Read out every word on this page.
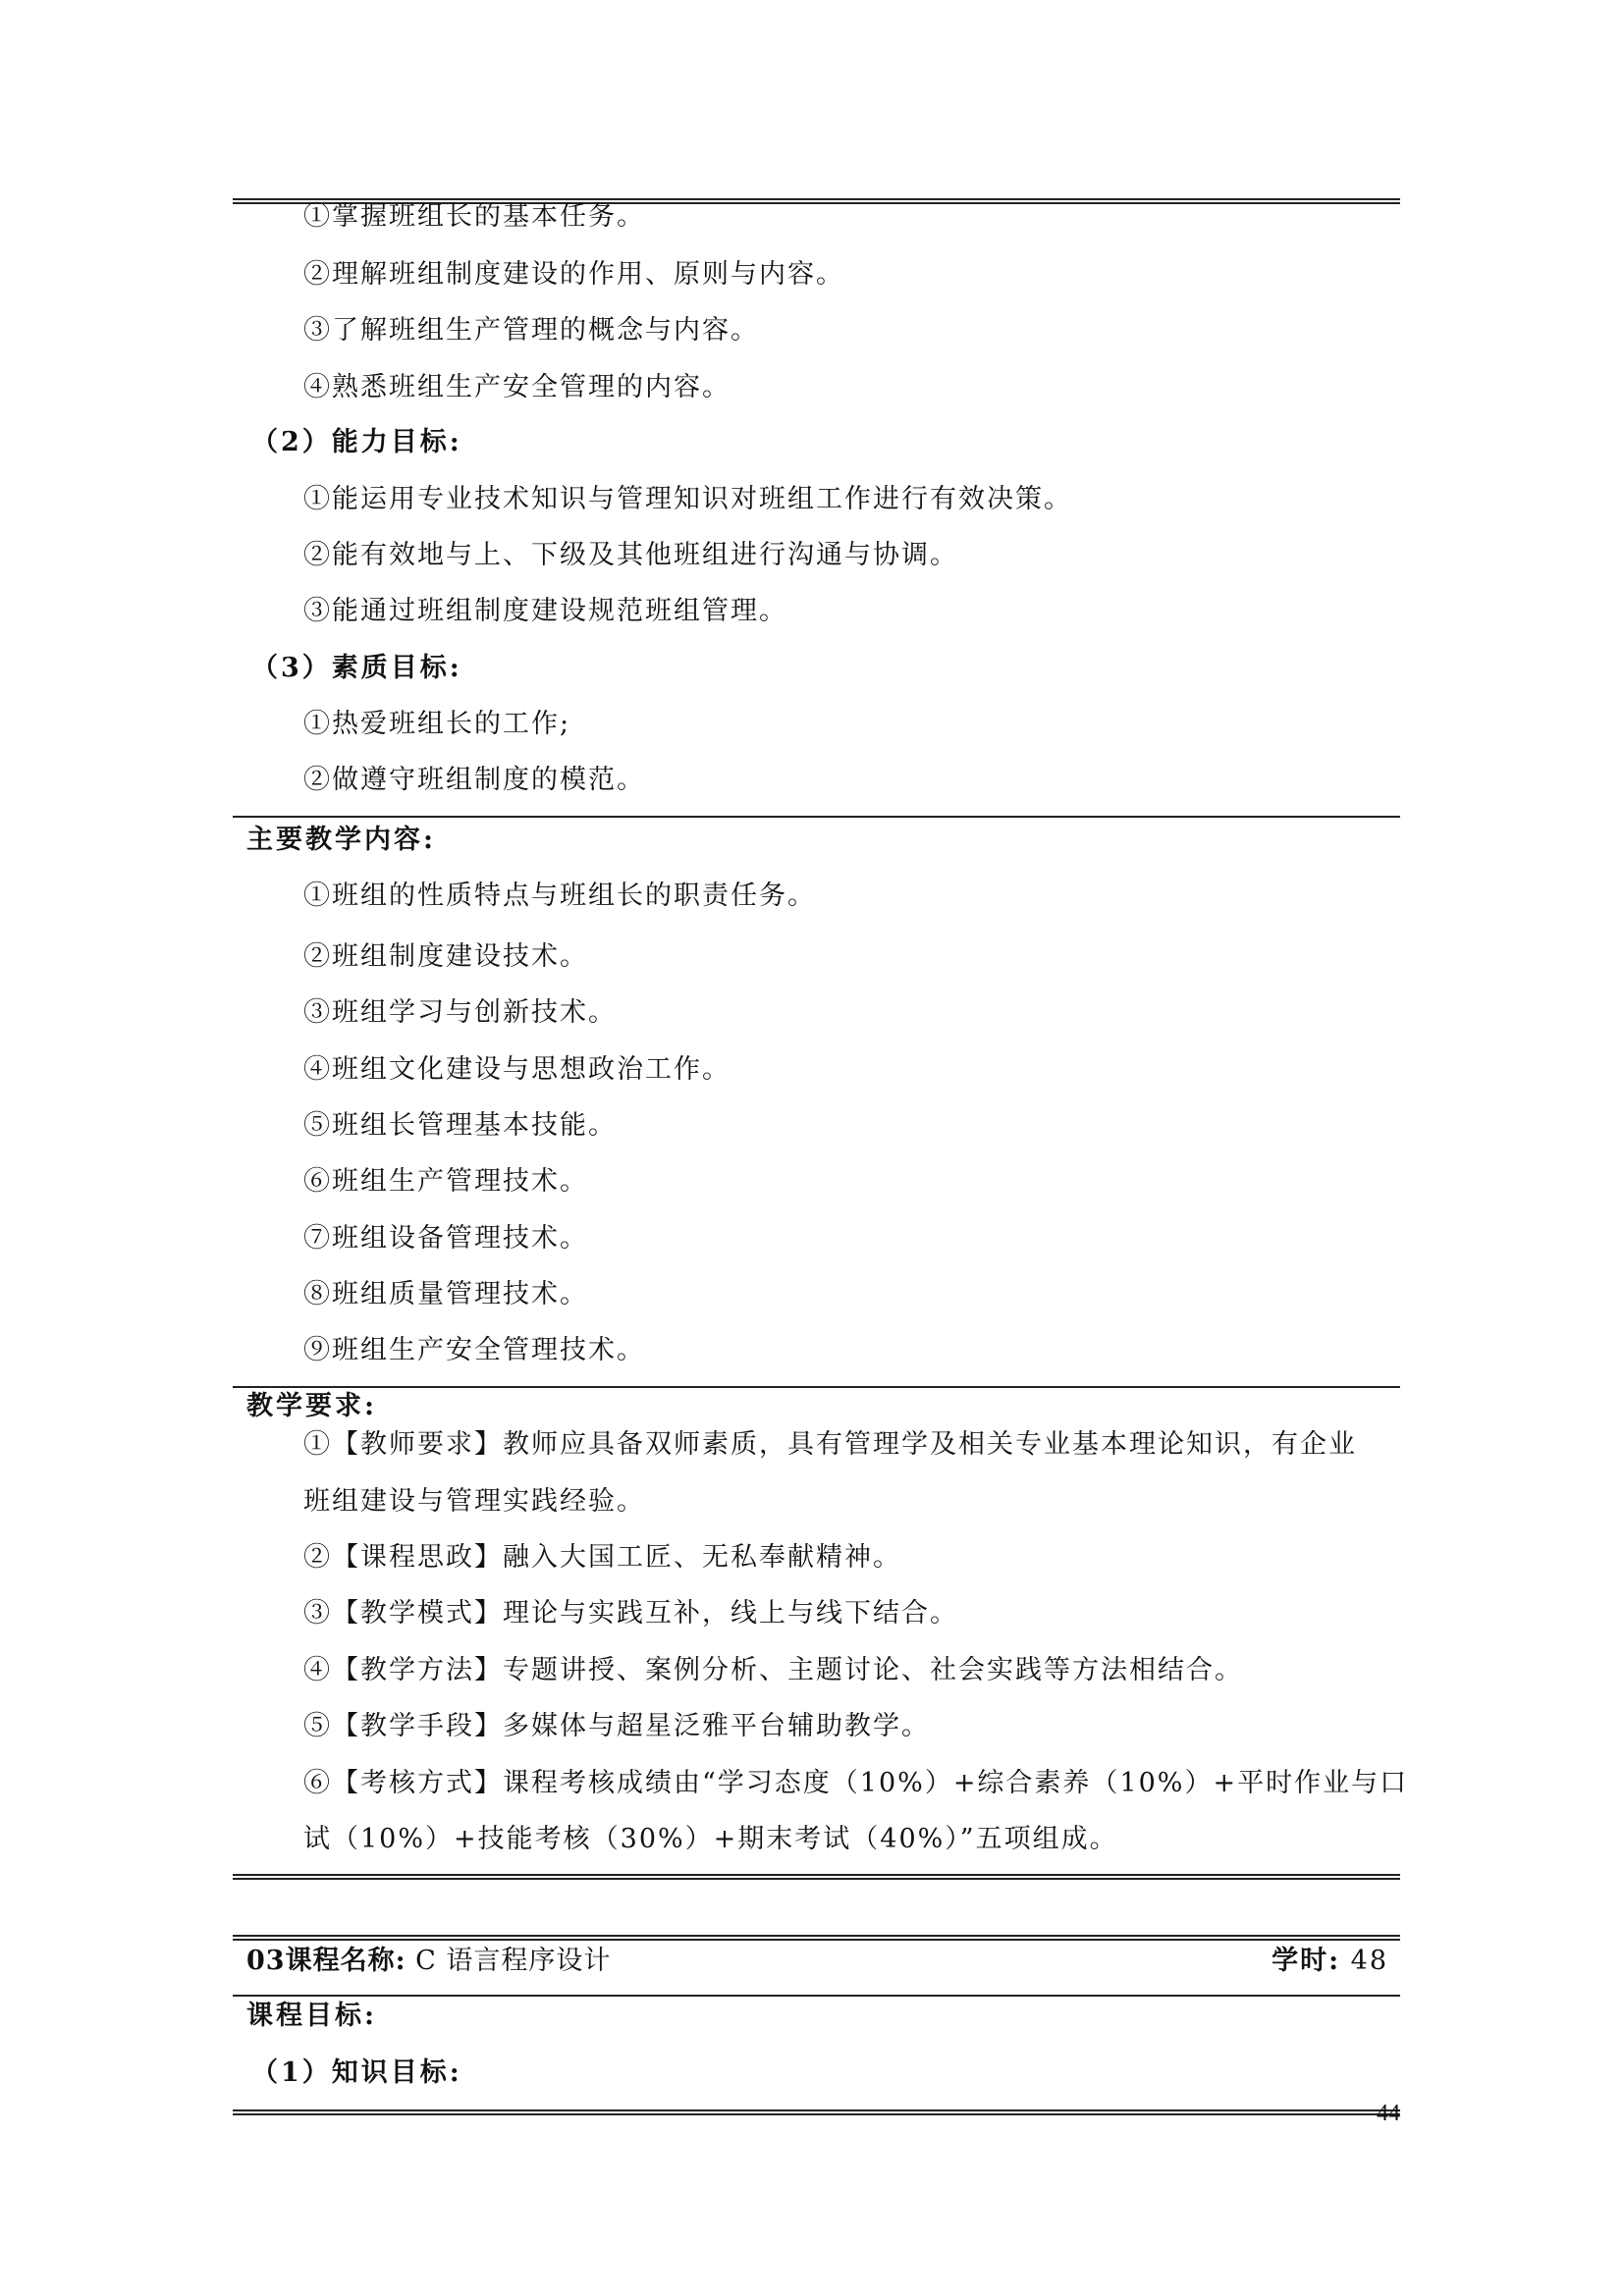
①掌握班组长的基本任务。
②理解班组制度建设的作用、原则与内容。
③了解班组生产管理的概念与内容。
④熟悉班组生产安全管理的内容。
（2）能力目标:
①能运用专业技术知识与管理知识对班组工作进行有效决策。
②能有效地与上、下级及其他班组进行沟通与协调。
③能通过班组制度建设规范班组管理。
（3）素质目标:
①热爱班组长的工作;
②做遵守班组制度的模范。
主要教学内容:
①班组的性质特点与班组长的职责任务。
②班组制度建设技术。
③班组学习与创新技术。
④班组文化建设与思想政治工作。
⑤班组长管理基本技能。
⑥班组生产管理技术。
⑦班组设备管理技术。
⑧班组质量管理技术。
⑨班组生产安全管理技术。
教学要求:
①【教师要求】教师应具备双师素质，具有管理学及相关专业基本理论知识，有企业
班组建设与管理实践经验。
②【课程思政】融入大国工匠、无私奉献精神。
③【教学模式】理论与实践互补，线上与线下结合。
④【教学方法】专题讲授、案例分析、主题讨论、社会实践等方法相结合。
⑤【教学手段】多媒体与超星泛雅平台辅助教学。
⑥【考核方式】课程考核成绩由“学习态度（10%）+综合素养（10%）+平时作业与口
试（10%）+技能考核（30%）+期末考试（40%）”五项组成。
03课程名称: C 语言程序设计	学时: 48
课程目标:
（1）知识目标:
44
